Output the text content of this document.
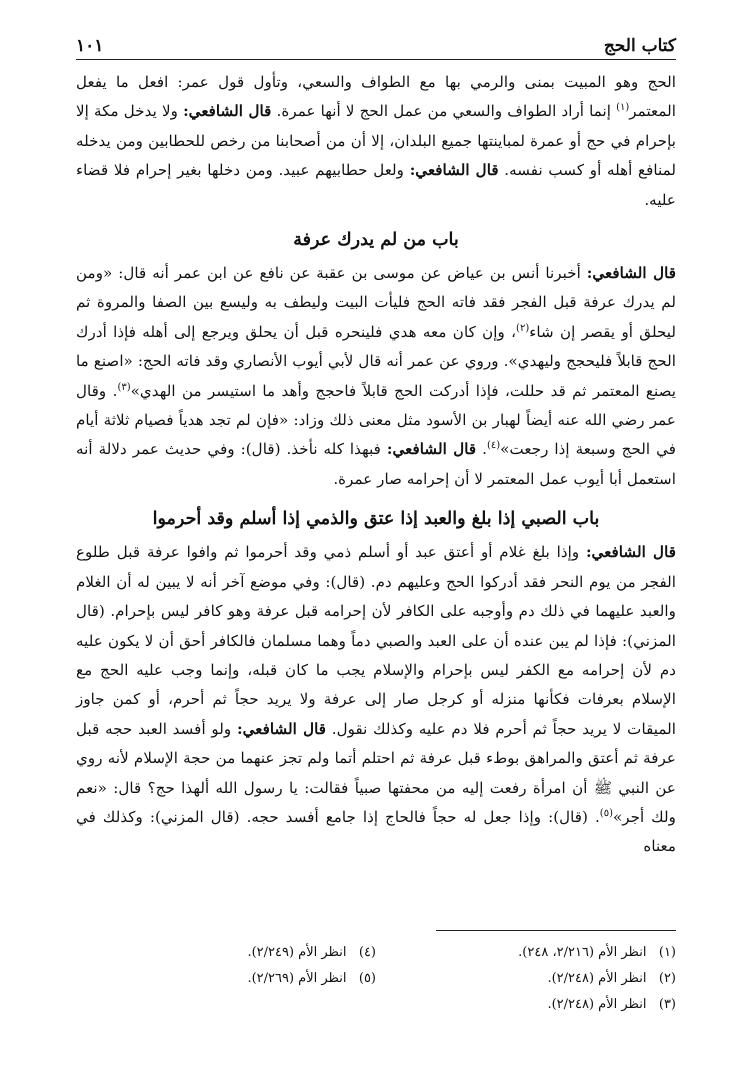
كتاب الحج
١٠١

الحج وهو المبيت بمنى والرمي بها مع الطواف والسعي، وتأول قول عمر: افعل ما يفعل المعتمر$^{(١)}$ إنما أراد الطواف والسعي من عمل الحج لا أنها عمرة. قال الشافعي: ولا يدخل مكة إلا بإحرام في حج أو عمرة لمباينتها جميع البلدان، إلا أن من أصحابنا من رخص للحطابين ومن يدخله لمنافع أهله أو كسب نفسه. قال الشافعي: ولعل حطابيهم عبيد. ومن دخلها بغير إحرام فلا قضاء عليه.

باب من لم يدرك عرفة

قال الشافعي: أخبرنا أنس بن عياض عن موسى بن عقبة عن نافع عن ابن عمر أنه قال: «ومن لم يدرك عرفة قبل الفجر فقد فاته الحج فليأت البيت وليطف به وليسع بين الصفا والمروة ثم ليحلق أو يقصر إن شاء$^{(٢)}$، وإن كان معه هدي فلينحره قبل أن يحلق ويرجع إلى أهله فإذا أدرك الحج قابلاً فليحجج وليهدي». وروي عن عمر أنه قال لأبي أيوب الأنصاري وقد فاته الحج: «اصنع ما يصنع المعتمر ثم قد حللت، فإذا أدركت الحج قابلاً فاحجج وأهد ما استيسر من الهدي»$^{(٣)}$. وقال عمر رضي الله عنه أيضاً لهبار بن الأسود مثل معنى ذلك وزاد: «فإن لم تجد هدياً فصيام ثلاثة أيام في الحج وسبعة إذا رجعت»$^{(٤)}$. قال الشافعي: فبهذا كله نأخذ. (قال): وفي حديث عمر دلالة أنه استعمل أبا أيوب عمل المعتمر لا أن إحرامه صار عمرة.

باب الصبي إذا بلغ والعبد إذا عتق والذمي إذا أسلم وقد أحرموا

قال الشافعي: وإذا بلغ غلام أو أعتق عبد أو أسلم ذمي وقد أحرموا ثم وافوا عرفة قبل طلوع الفجر من يوم النحر فقد أدركوا الحج وعليهم دم. (قال): وفي موضع آخر أنه لا يبين له أن الغلام والعبد عليهما في ذلك دم وأوجبه على الكافر لأن إحرامه قبل عرفة وهو كافر ليس بإحرام. (قال المزني): فإذا لم يبن عنده أن على العبد والصبي دماً وهما مسلمان فالكافر أحق أن لا يكون عليه دم لأن إحرامه مع الكفر ليس بإحرام والإسلام يجب ما كان قبله، وإنما وجب عليه الحج مع الإسلام بعرفات فكأنها منزله أو كرجل صار إلى عرفة ولا يريد حجاً ثم أحرم، أو كمن جاوز الميقات لا يريد حجاً ثم أحرم فلا دم عليه وكذلك نقول. قال الشافعي: ولو أفسد العبد حجه قبل عرفة ثم أعتق والمراهق بوطء قبل عرفة ثم احتلم أتما ولم تجز عنهما من حجة الإسلام لأنه روي عن النبي ﷺ أن امرأة رفعت إليه من محفتها صبياً فقالت: يا رسول الله ألهذا حج؟ قال: «نعم ولك أجر»$^{(٥)}$. (قال): وإذا جعل له حجاً فالحاج إذا جامع أفسد حجه. (قال المزني): وكذلك في معناه

(١)   انظر الأم (٢/٢١٦، ٢٤٨).
(٢)   انظر الأم (٢/٢٤٨).
(٣)   انظر الأم (٢/٢٤٨).
(٤)   انظر الأم (٢/٢٤٩).
(٥)   انظر الأم (٢/٢٦٩).
